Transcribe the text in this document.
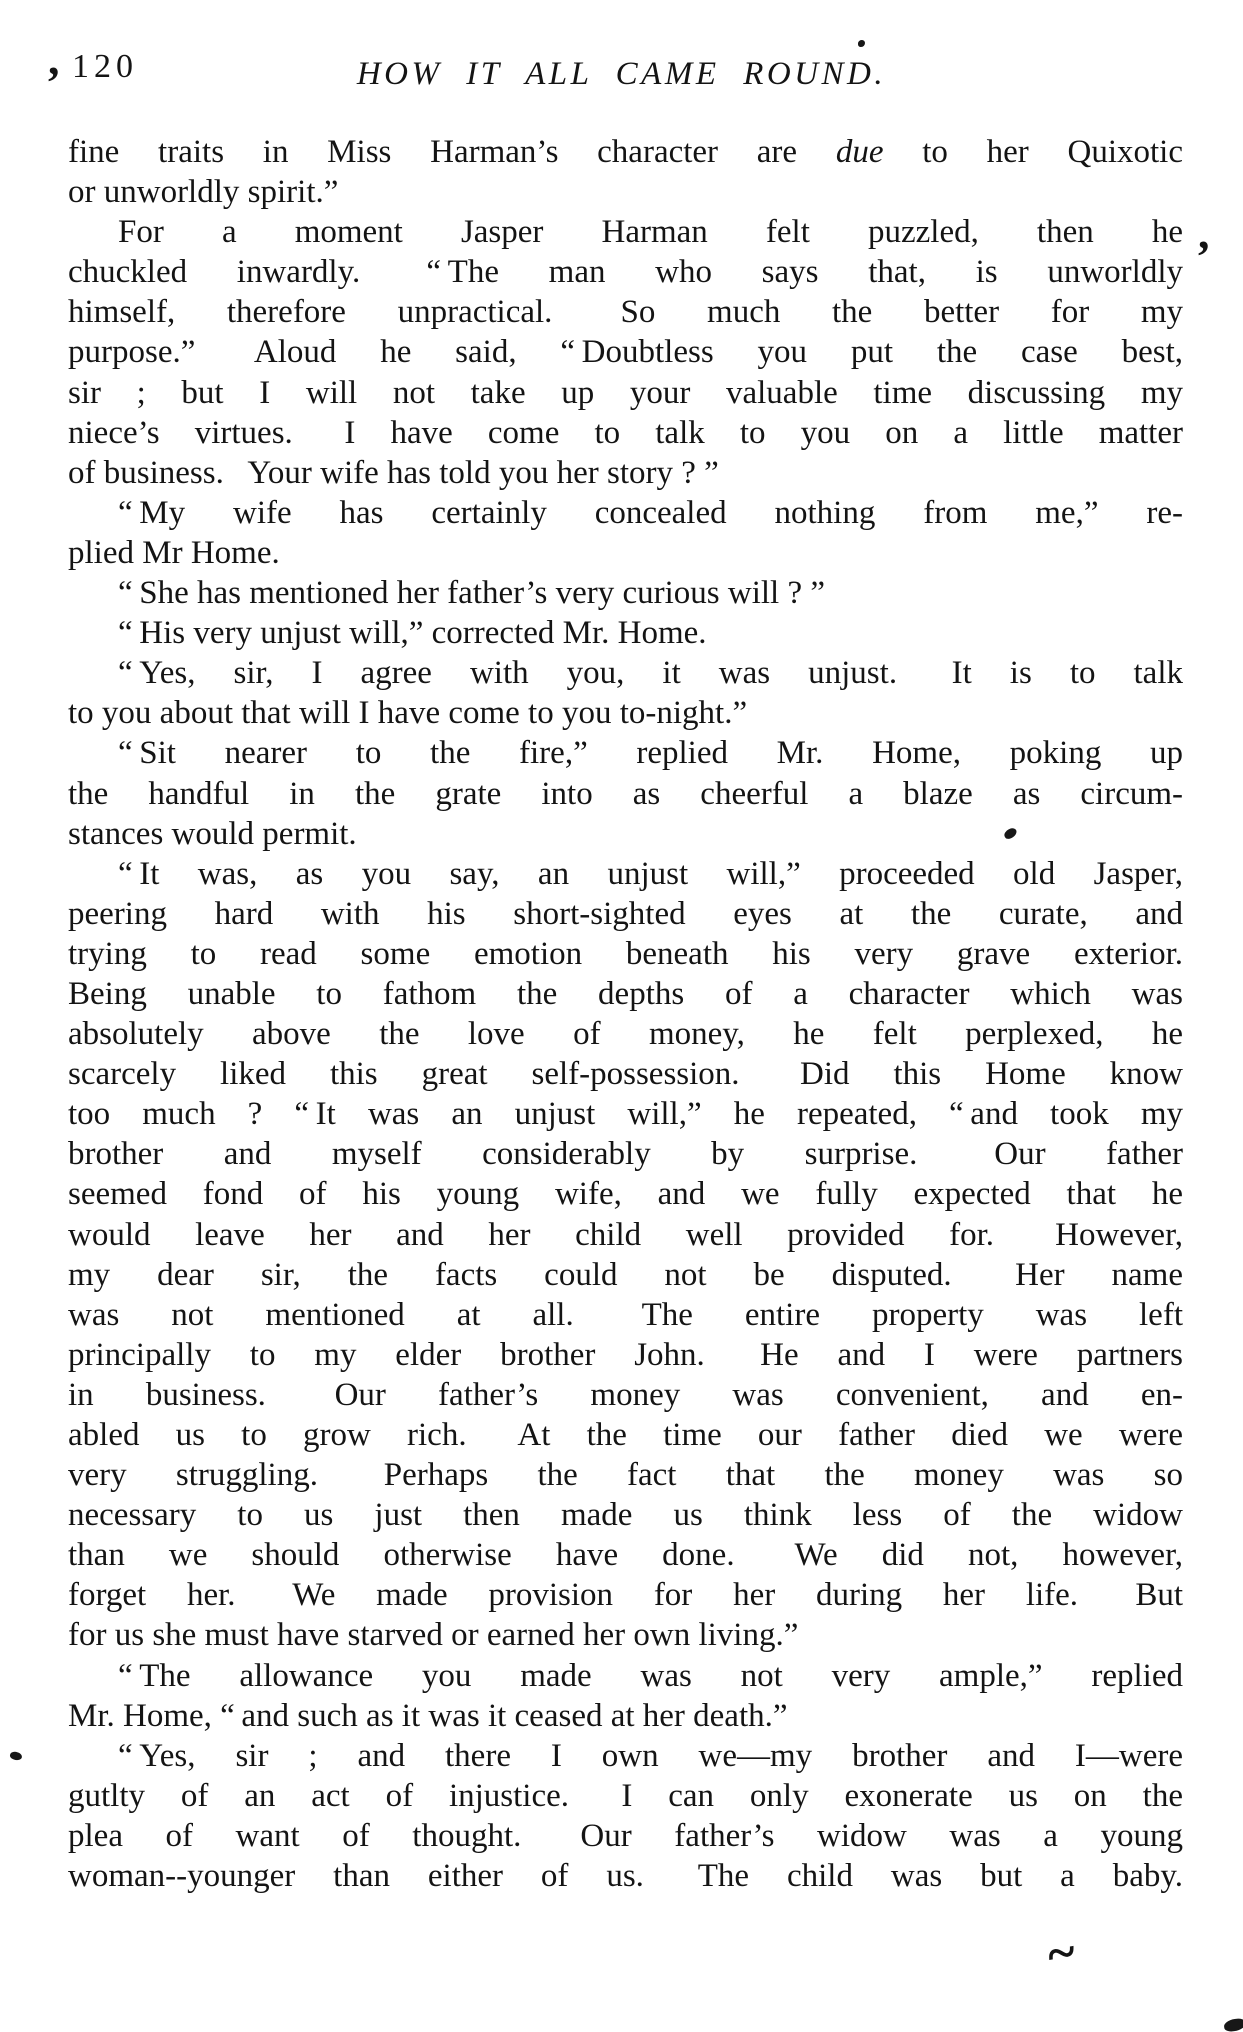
120	HOW IT ALL CAME ROUND.
fine traits in Miss Harman’s character are due to her Quixotic
or unworldly spirit.”
For a moment Jasper Harman felt puzzled, then he
chuckled inwardly.  “ The man who says that, is unworldly
himself, therefore unpractical.  So much the better for my
purpose.”  Aloud he said, “ Doubtless you put the case best,
sir ; but I will not take up your valuable time discussing my
niece’s virtues.  I have come to talk to you on a little matter
of business.  Your wife has told you her story ? ”
“ My wife has certainly concealed nothing from me,” re-
plied Mr Home.
“ She has mentioned her father’s very curious will ? ”
“ His very unjust will,” corrected Mr. Home.
“ Yes, sir, I agree with you, it was unjust.  It is to talk
to you about that will I have come to you to-night.”
“ Sit nearer to the fire,” replied Mr. Home, poking up
the handful in the grate into as cheerful a blaze as circum-
stances would permit.
“ It was, as you say, an unjust will,” proceeded old Jasper,
peering hard with his short-sighted eyes at the curate, and
trying to read some emotion beneath his very grave exterior.
Being unable to fathom the depths of a character which was
absolutely above the love of money, he felt perplexed, he
scarcely liked this great self-possession.  Did this Home know
too much ? “ It was an unjust will,” he repeated, “ and took my
brother and myself considerably by surprise.  Our father
seemed fond of his young wife, and we fully expected that he
would leave her and her child well provided for.  However,
my dear sir, the facts could not be disputed.  Her name
was not mentioned at all.  The entire property was left
principally to my elder brother John.  He and I were partners
in business.  Our father’s money was convenient, and en-
abled us to grow rich.  At the time our father died we were
very struggling.  Perhaps the fact that the money was so
necessary to us just then made us think less of the widow
than we should otherwise have done.  We did not, however,
forget her.  We made provision for her during her life.  But
for us she must have starved or earned her own living.”
“ The allowance you made was not very ample,” replied
Mr. Home, “ and such as it was it ceased at her death.”
“ Yes, sir ; and there I own we—my brother and I—were
gutlty of an act of injustice.  I can only exonerate us on the
plea of want of thought.  Our father’s widow was a young
woman--younger than either of us.  The child was but a baby.
,
,
~
